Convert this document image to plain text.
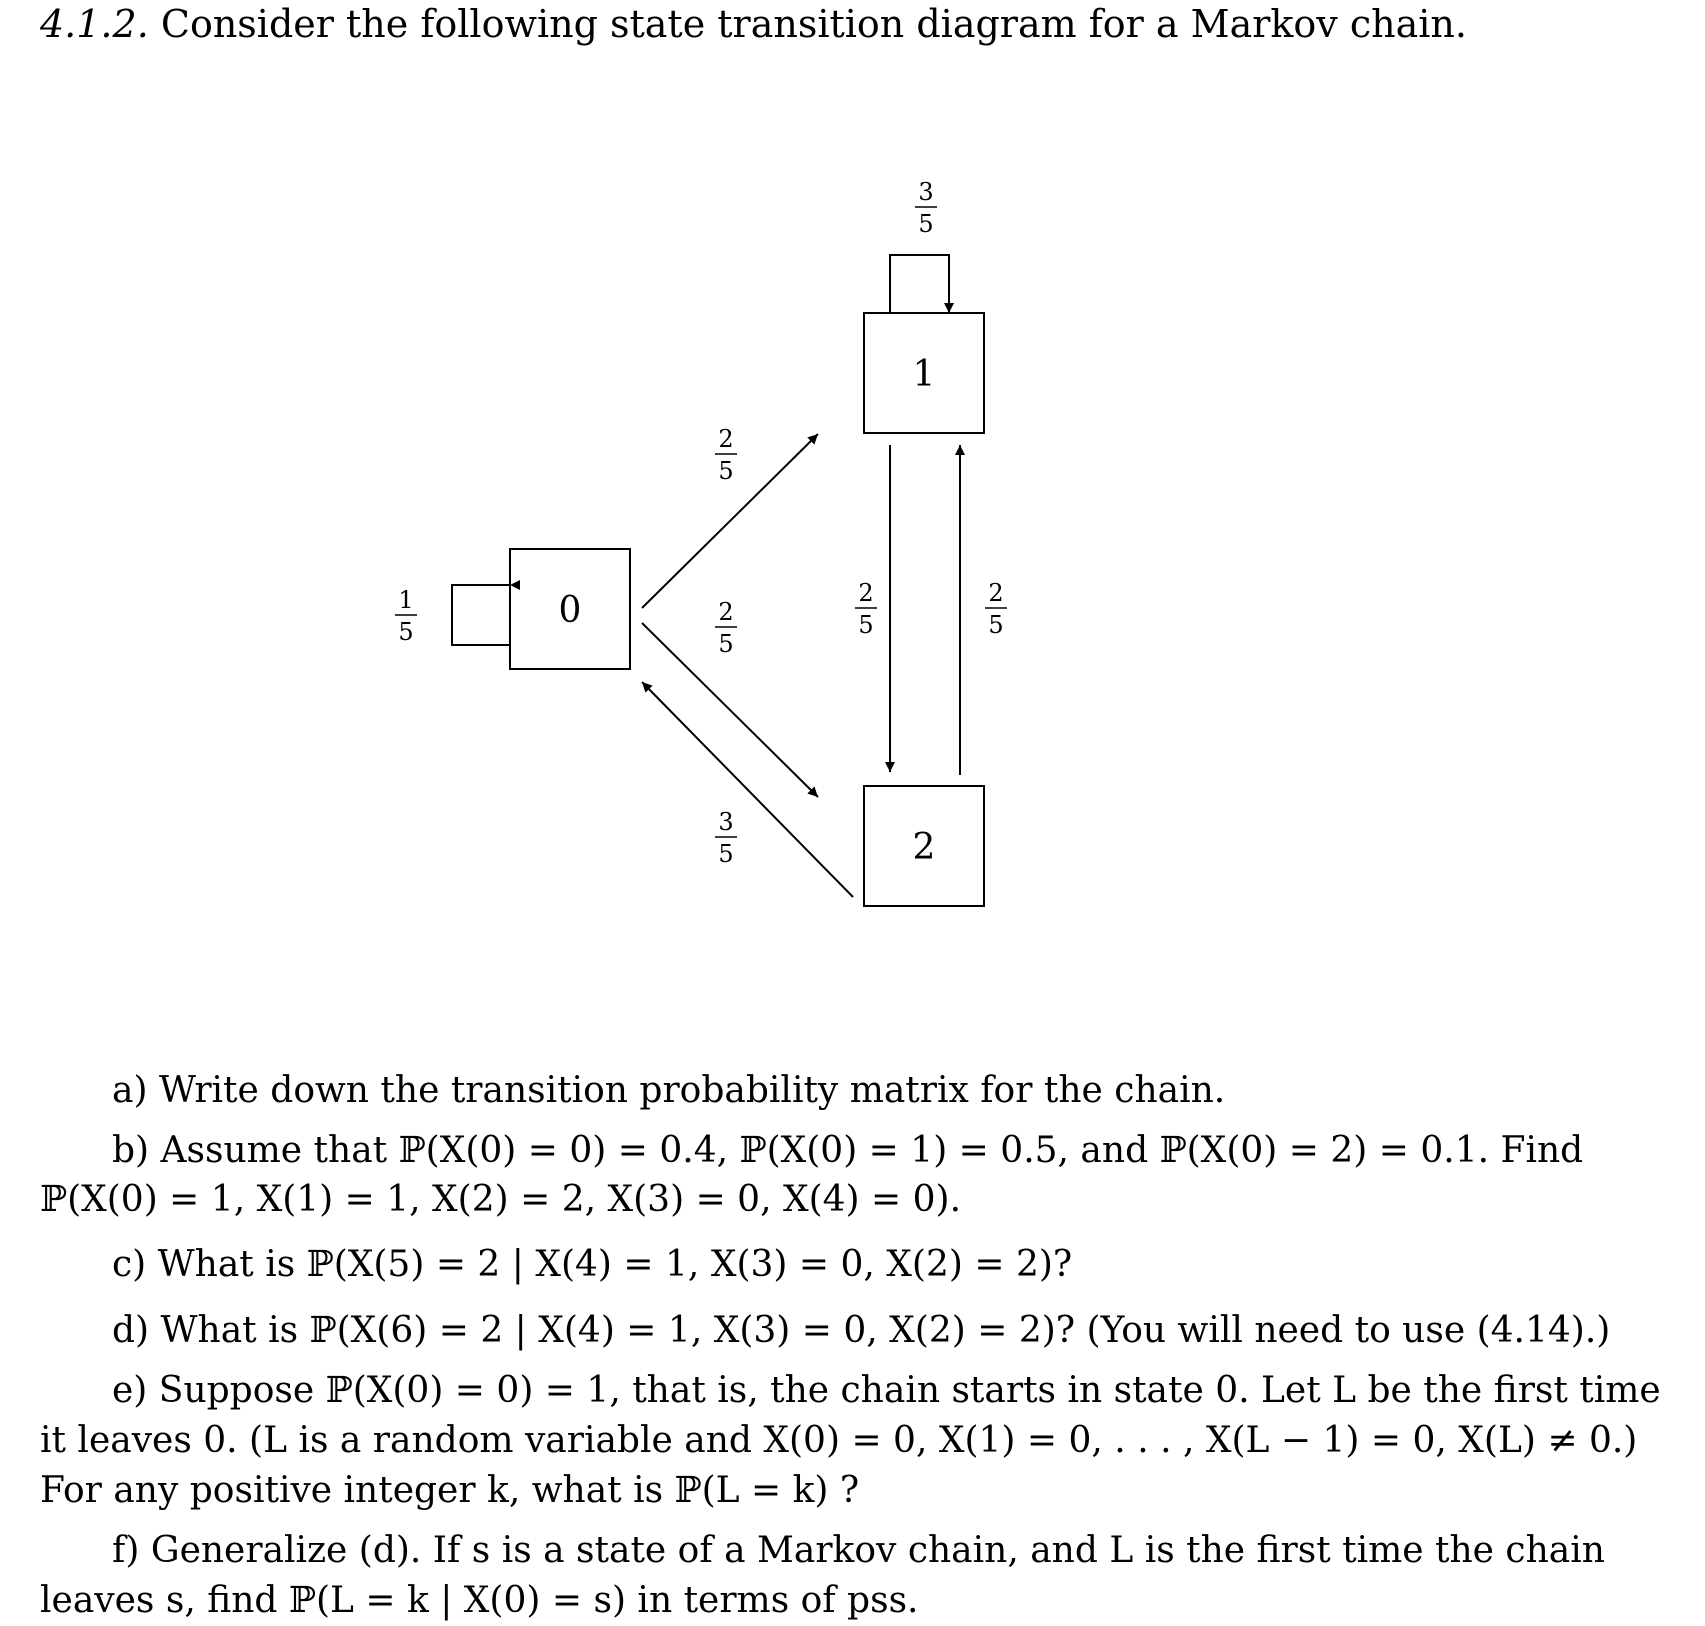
4.1.2. Consider the following state transition diagram for a Markov chain.
0
1
2
1
5
3
5
2
5
2
5
3
5
2
5
2
5
a) Write down the transition probability matrix for the chain.
b) Assume that ℙ(X(0) = 0) = 0.4, ℙ(X(0) = 1) = 0.5, and ℙ(X(0) = 2) = 0.1. Find
ℙ(X(0) = 1, X(1) = 1, X(2) = 2, X(3) = 0, X(4) = 0).
c) What is ℙ(X(5) = 2 | X(4) = 1, X(3) = 0, X(2) = 2)?
d) What is ℙ(X(6) = 2 | X(4) = 1, X(3) = 0, X(2) = 2)? (You will need to use (4.14).)
e) Suppose ℙ(X(0) = 0) = 1, that is, the chain starts in state 0. Let L be the first time
it leaves 0. (L is a random variable and X(0) = 0, X(1) = 0, . . . , X(L − 1) = 0, X(L) ≠ 0.)
For any positive integer k, what is ℙ(L = k) ?
f) Generalize (d). If s is a state of a Markov chain, and L is the first time the chain
leaves s, find ℙ(L = k | X(0) = s) in terms of pss.
